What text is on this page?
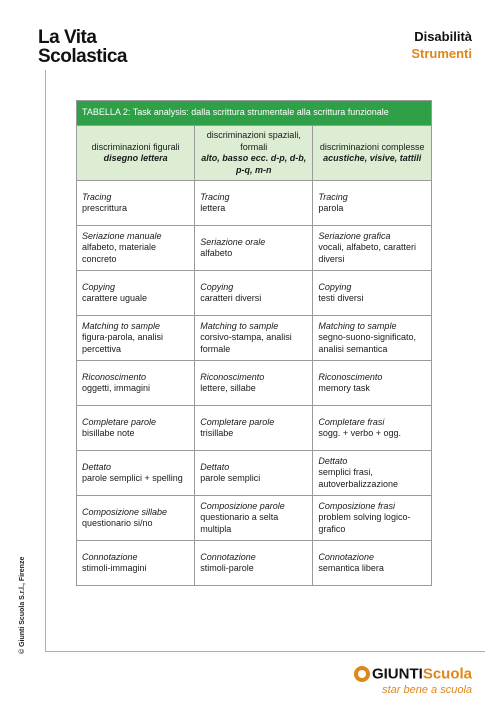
La Vita
Scolastica
Disabilità
Strumenti
© Giunti Scuola S.r.l., Firenze
TABELLA 2: Task analysis: dalla scrittura strumentale alla scrittura funzionale		
discriminazioni figurali
disegno lettera	discriminazioni spaziali, formali
alto, basso ecc. d-p, d-b, p-q, m-n	discriminazioni complesse
acustiche, visive, tattili

Tracing
prescrittura	Tracing
lettera	Tracing
parola

Seriazione manuale
alfabeto, materiale concreto	Seriazione orale
alfabeto	Seriazione grafica
vocali, alfabeto, caratteri diversi

Copying
carattere uguale	Copying
caratteri diversi	Copying
testi diversi

Matching to sample
figura-parola, analisi percettiva	Matching to sample
corsivo-stampa, analisi formale	Matching to sample
segno-suono-significato, analisi semantica

Riconoscimento
oggetti, immagini	Riconoscimento
lettere, sillabe	Riconoscimento
memory task

Completare parole
bisillabe note	Completare parole
trisillabe	Completare frasi
sogg. + verbo + ogg.

Dettato
parole semplici + spelling	Dettato
parole semplici	Dettato
semplici frasi, autoverbalizzazione

Composizione sillabe
questionario si/no	Composizione parole
questionario a selta multipla	Composizione frasi
problem solving logico-grafico

Connotazione
stimoli-immagini	Connotazione
stimoli-parole	Connotazione
semantica libera
GIUNTIScuola
star bene a scuola
